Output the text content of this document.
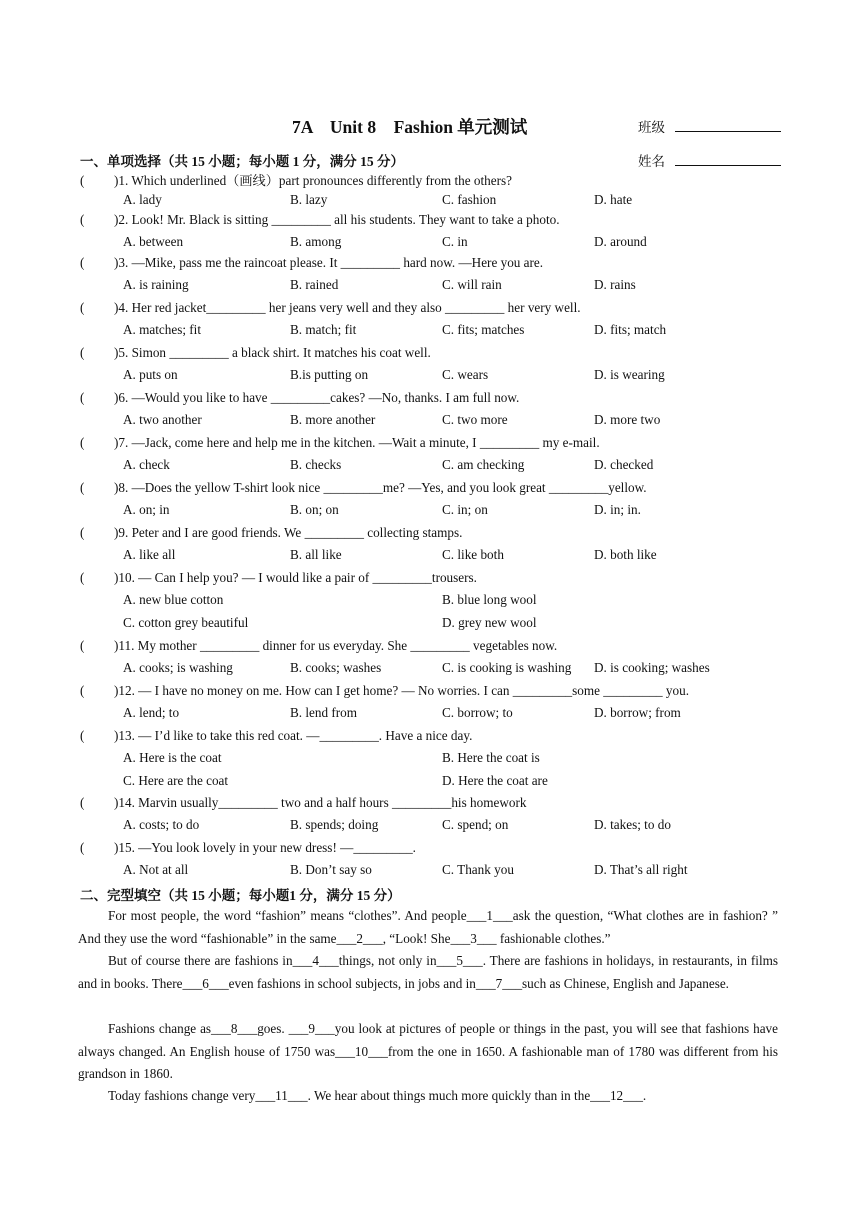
7A　Unit 8　Fashion 单元测试	班级
姓名
一、单项选择（共 15 小题；每小题 1 分，满分 15 分）
( )1. Which underlined（画线）part pronounces differently from the others?
A. lady	B. lazy	C. fashion	D. hate
( )2. Look! Mr. Black is sitting _________ all his students. They want to take a photo.
A. between	B. among	C. in	D. around
( )3. —Mike, pass me the raincoat please. It _________ hard now. —Here you are.
A. is raining	B. rained	C. will rain	D. rains
( )4. Her red jacket_________ her jeans very well and they also _________ her very well.
A. matches; fit	B. match; fit	C. fits; matches	D. fits; match
( )5. Simon _________ a black shirt. It matches his coat well.
A. puts on	B.is putting on	C. wears	D. is wearing
( )6. —Would you like to have _________cakes? —No, thanks. I am full now.
A. two another	B. more another	C. two more	D. more two
( )7. —Jack, come here and help me in the kitchen. —Wait a minute, I _________ my e-mail.
A. check	B. checks	C. am checking	D. checked
( )8. —Does the yellow T-shirt look nice _________me? —Yes, and you look great _________yellow.
A. on; in	B. on; on	C. in; on	D. in; in.
( )9. Peter and I are good friends. We _________ collecting stamps.
A. like all	B. all like	C. like both	D. both like
( )10. — Can I help you? — I would like a pair of _________trousers.
A. new blue cotton	B. blue long wool
C. cotton grey beautiful	D. grey new wool
( )11. My mother _________ dinner for us everyday. She _________ vegetables now.
A. cooks; is washing	B. cooks; washes	C. is cooking is washing D. is cooking; washes
( )12. — I have no money on me. How can I get home? — No worries. I can _________some _________ you.
A. lend; to	B. lend from	C. borrow; to	D. borrow; from
( )13. — I’d like to take this red coat. —_________. Have a nice day.
A. Here is the coat	B. Here the coat is
C. Here are the coat	D. Here the coat are
( )14. Marvin usually_________ two and a half hours _________his homework
A. costs; to do	B. spends; doing	C. spend; on	D. takes; to do
( )15. —You look lovely in your new dress! —_________.
A. Not at all	B. Don’t say so	C. Thank you	D. That’s all right
二、完型填空（共 15 小题；每小题1 分，满分 15 分）
For most people, the word “fashion” means “clothes”. And people___1___ask the question, “What clothes are in fashion? ” And they use the word “fashionable” in the same___2___, “Look! She___3___ fashionable clothes.”
But of course there are fashions in___4___things, not only in___5___. There are fashions in holidays, in restaurants, in films and in books. There___6___even fashions in school subjects, in jobs and in___7___such as Chinese, English and Japanese.
Fashions change as___8___goes. ___9___you look at pictures of people or things in the past, you will see that fashions have always changed. An English house of 1750 was___10___from the one in 1650. A fashionable man of 1780 was different from his grandson in 1860.
Today fashions change very___11___. We hear about things much more quickly than in the___12___.
